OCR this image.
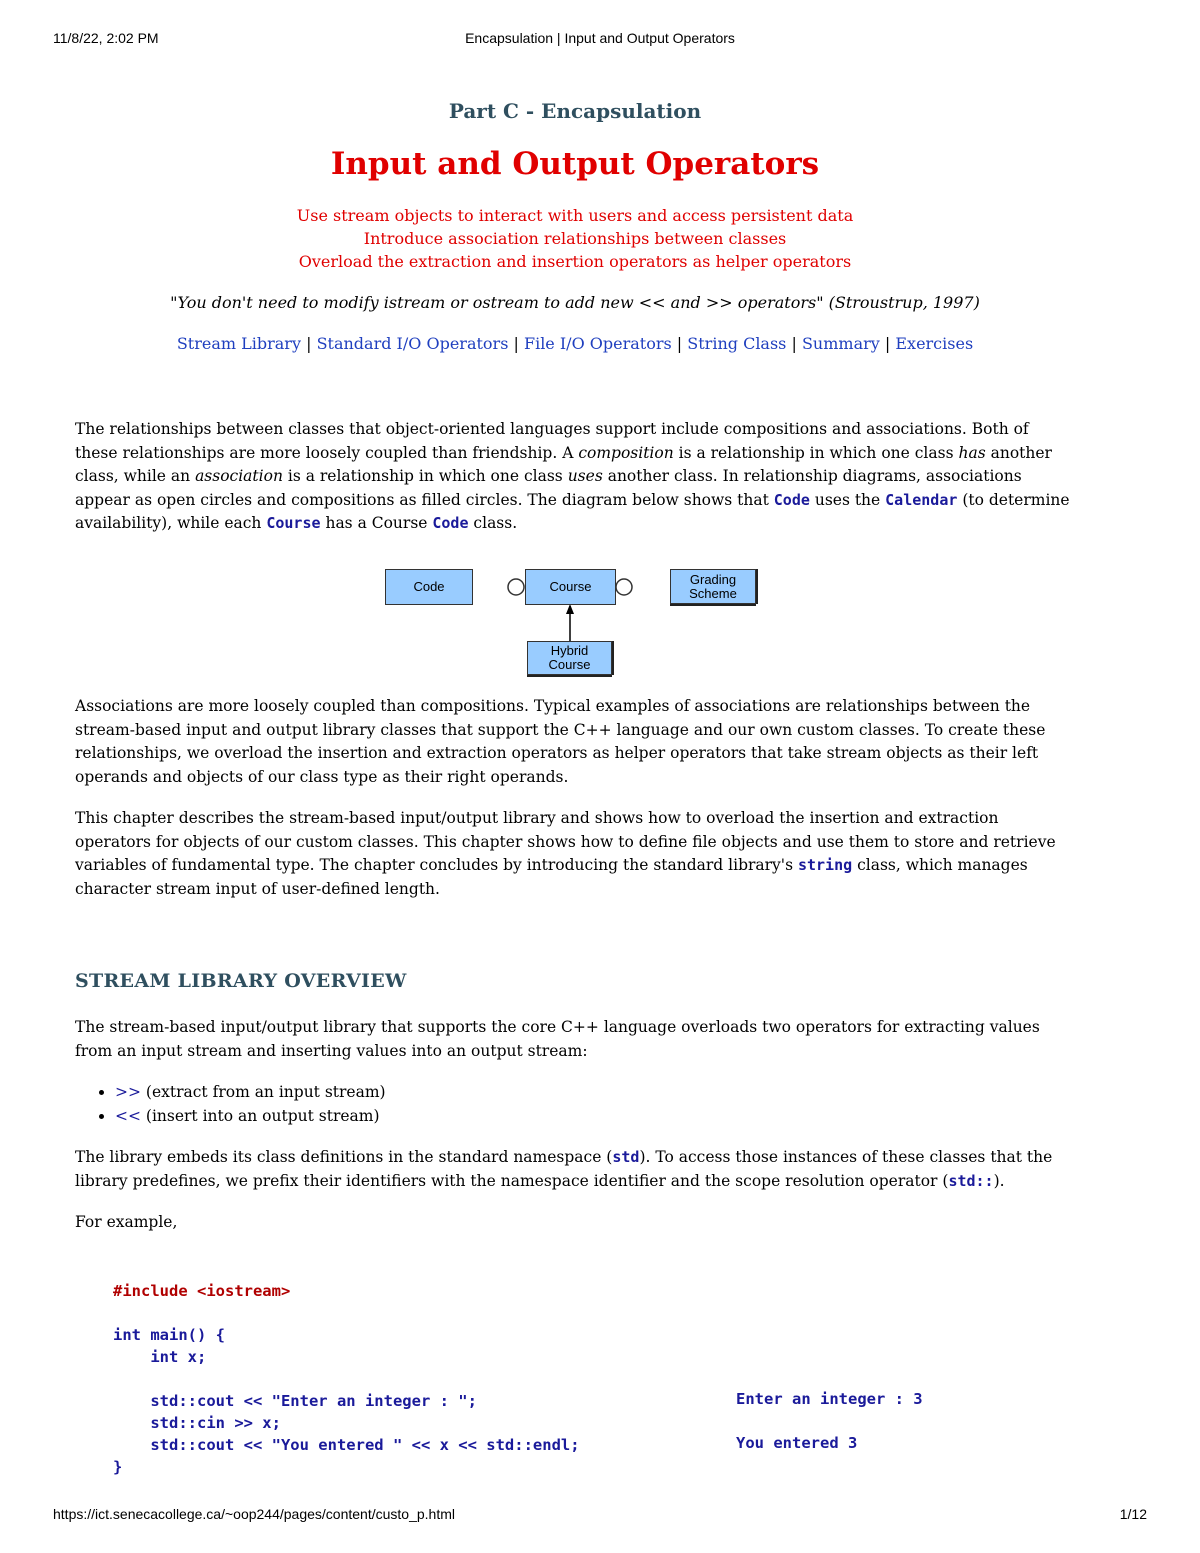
11/8/22, 2:02 PM	Encapsulation | Input and Output Operators
Part C - Encapsulation
Input and Output Operators
Use stream objects to interact with users and access persistent data
Introduce association relationships between classes
Overload the extraction and insertion operators as helper operators
"You don't need to modify istream or ostream to add new << and >> operators" (Stroustrup, 1997)
Stream Library | Standard I/O Operators | File I/O Operators | String Class | Summary | Exercises

The relationships between classes that object-oriented languages support include compositions and associations. Both of these relationships are more loosely coupled than friendship. A composition is a relationship in which one class has another class, while an association is a relationship in which one class uses another class. In relationship diagrams, associations appear as open circles and compositions as filled circles. The diagram below shows that Code uses the Calendar (to determine availability), while each Course has a Course Code class.

Code	Course	Grading
Scheme
Hybrid
Course

Associations are more loosely coupled than compositions. Typical examples of associations are relationships between the stream-based input and output library classes that support the C++ language and our own custom classes. To create these relationships, we overload the insertion and extraction operators as helper operators that take stream objects as their left operands and objects of our class type as their right operands.

This chapter describes the stream-based input/output library and shows how to overload the insertion and extraction operators for objects of our custom classes. This chapter shows how to define file objects and use them to store and retrieve variables of fundamental type. The chapter concludes by introducing the standard library's string class, which manages character stream input of user-defined length.

STREAM LIBRARY OVERVIEW

The stream-based input/output library that supports the core C++ language overloads two operators for extracting values from an input stream and inserting values into an output stream:

• >> (extract from an input stream)
• << (insert into an output stream)

The library embeds its class definitions in the standard namespace (std). To access those instances of these classes that the library predefines, we prefix their identifiers with the namespace identifier and the scope resolution operator (std::).

For example,

#include <iostream>

int main() {
int x;

std::cout << "Enter an integer : ";
std::cin >> x;
std::cout << "You entered " << x << std::endl;
}
Enter an integer : 3
You entered 3
https://ict.senecacollege.ca/~oop244/pages/content/custo_p.html	1/12
